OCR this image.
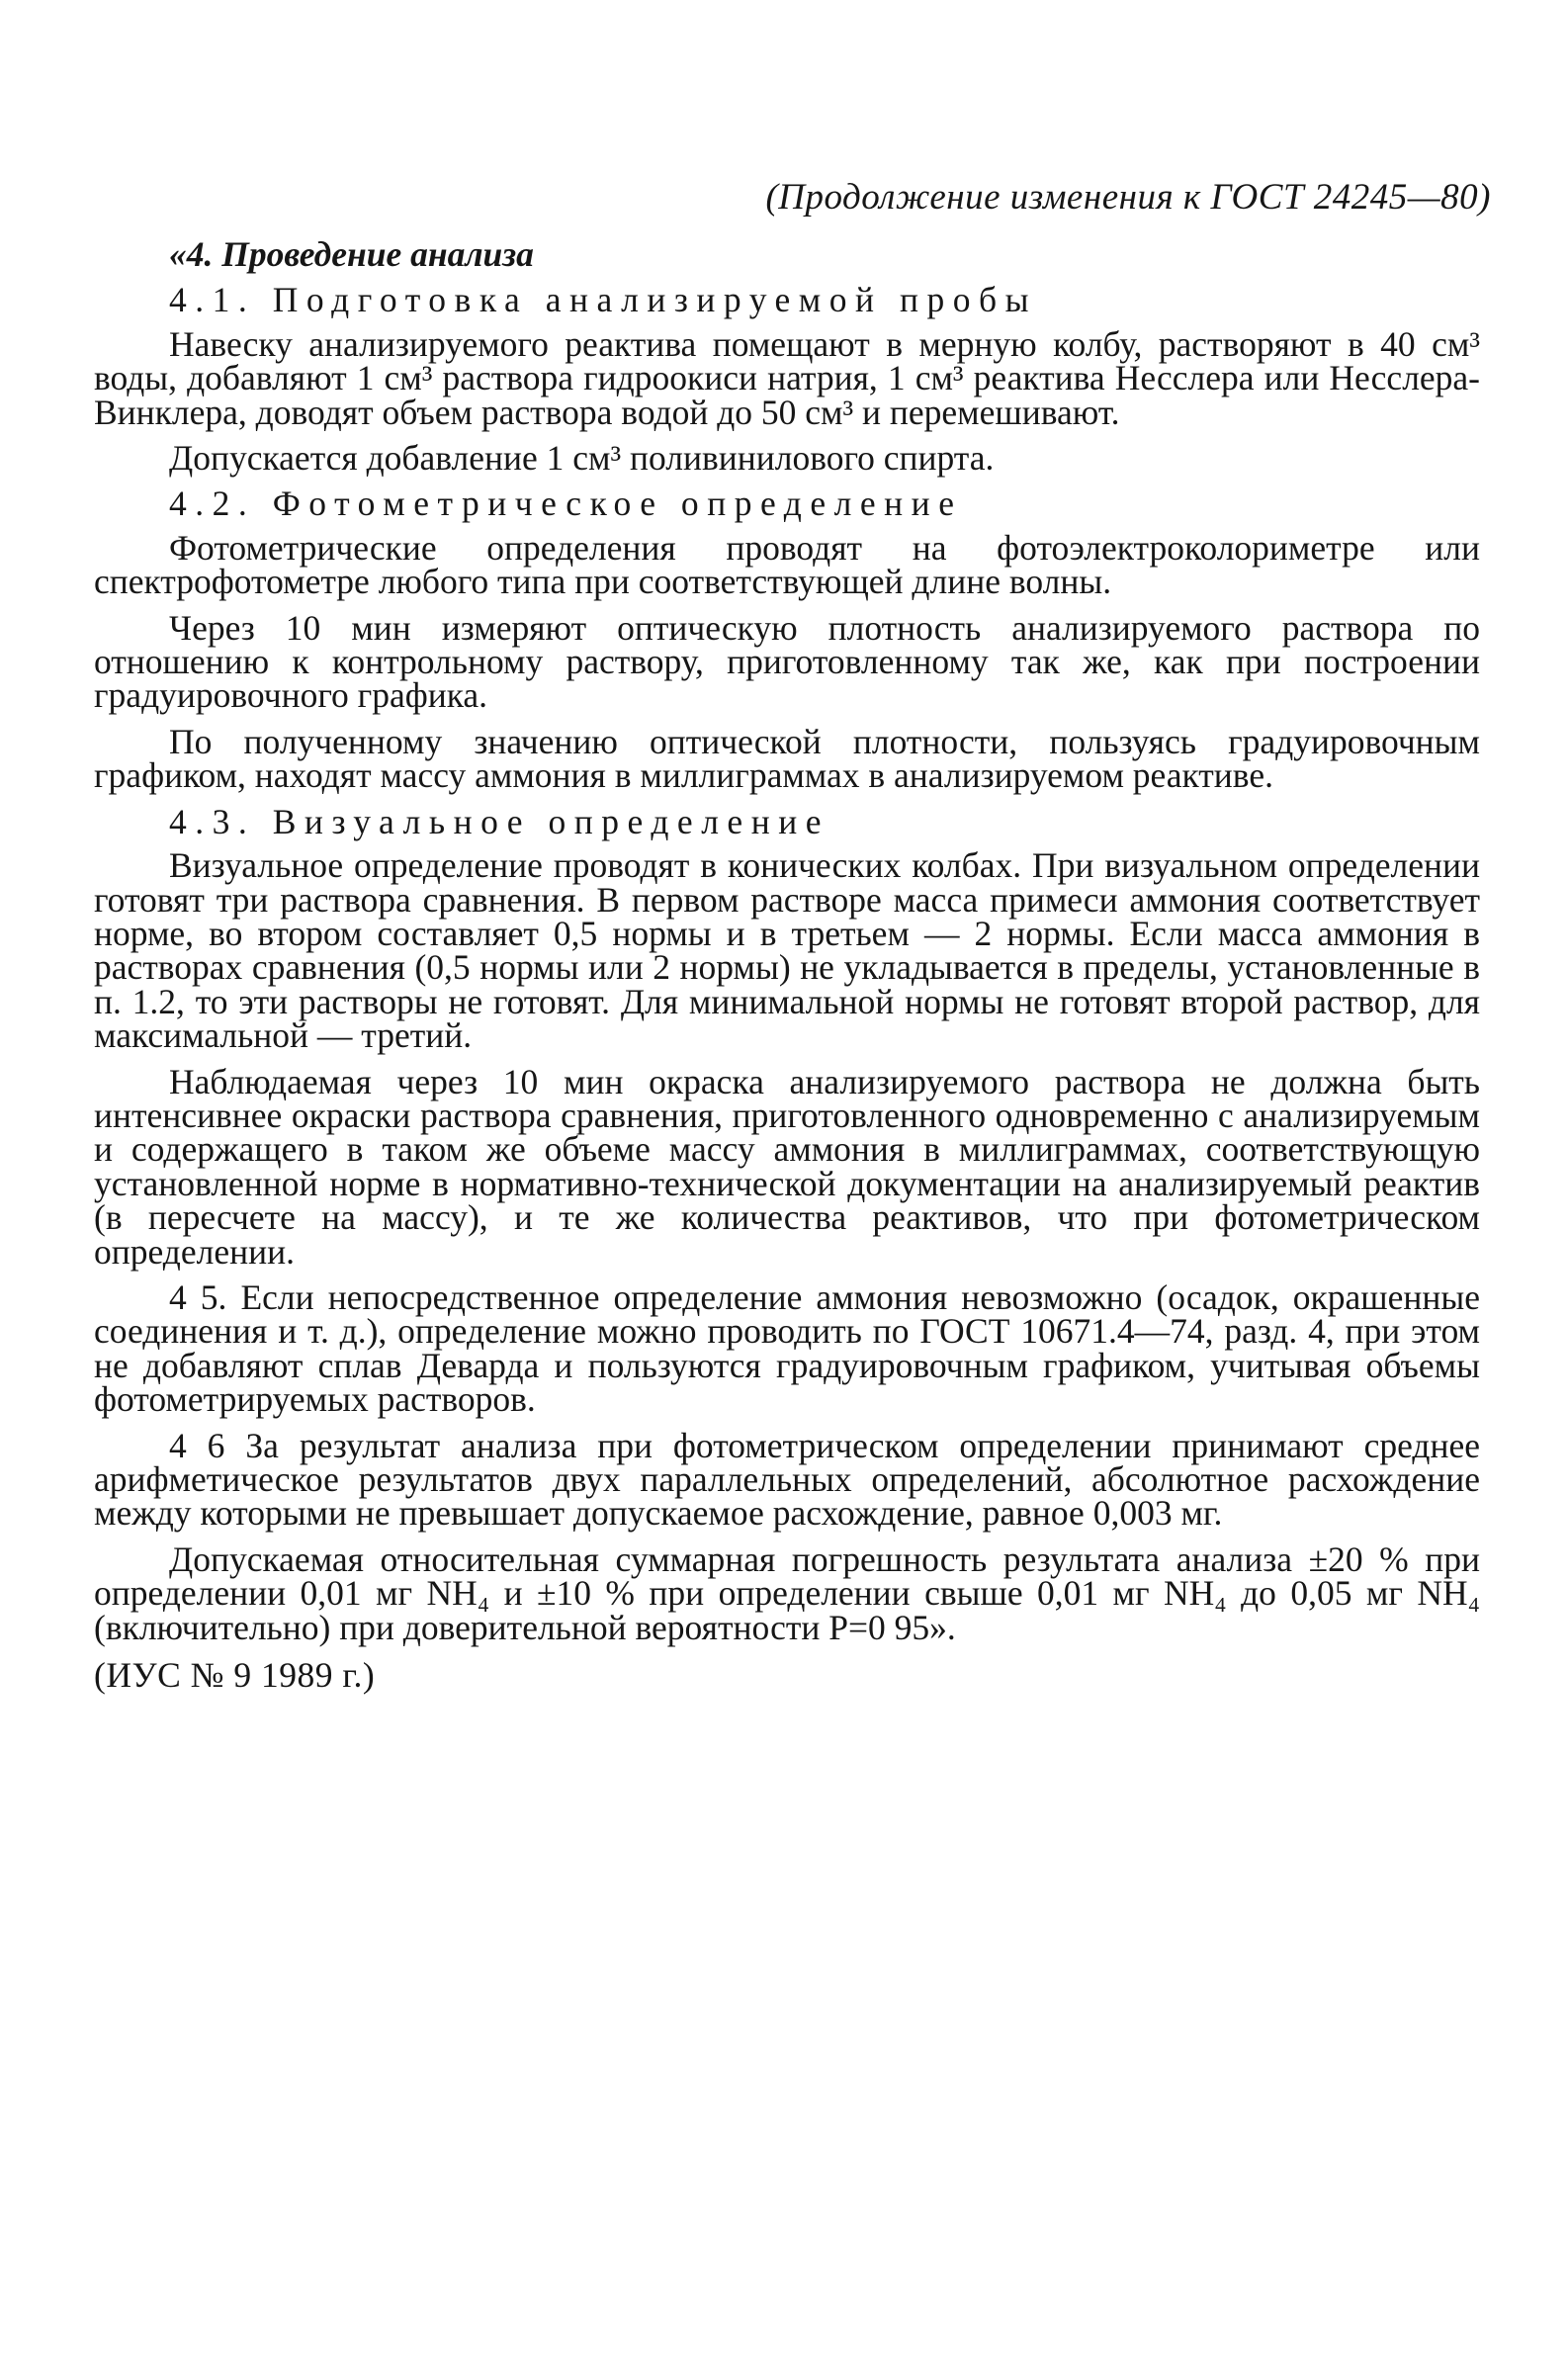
(Продолжение изменения к ГОСТ 24245—80)
«4. Проведение анализа
4.1. Подготовка анализируемой пробы

Навеску анализируемого реактива помещают в мерную колбу, растворяют в 40 см³ воды, добавляют 1 см³ раствора гидроокиси натрия, 1 см³ реактива Несслера или Несслера-Винклера, доводят объем раствора водой до 50 см³ и перемешивают.

Допускается добавление 1 см³ поливинилового спирта.

4.2. Фотометрическое определение

Фотометрические определения проводят на фотоэлектроколориметре или спектрофотометре любого типа при соответствующей длине волны.

Через 10 мин измеряют оптическую плотность анализируемого раствора по отношению к контрольному раствору, приготовленному так же, как при построении градуировочного графика.

По полученному значению оптической плотности, пользуясь градуировочным графиком, находят массу аммония в миллиграммах в анализируемом реактиве.

4.3. Визуальное определение

Визуальное определение проводят в конических колбах. При визуальном определении готовят три раствора сравнения. В первом растворе масса примеси аммония соответствует норме, во втором составляет 0,5 нормы и в третьем — 2 нормы. Если масса аммония в растворах сравнения (0,5 нормы или 2 нормы) не укладывается в пределы, установленные в п. 1.2, то эти растворы не готовят. Для минимальной нормы не готовят второй раствор, для максимальной — третий.

Наблюдаемая через 10 мин окраска анализируемого раствора не должна быть интенсивнее окраски раствора сравнения, приготовленного одновременно с анализируемым и содержащего в таком же объеме массу аммония в миллиграммах, соответствующую установленной норме в нормативно-технической документации на анализируемый реактив (в пересчете на массу), и те же количества реактивов, что при фотометрическом определении.

4 5. Если непосредственное определение аммония невозможно (осадок, окрашенные соединения и т. д.), определение можно проводить по ГОСТ 10671.4—74, разд. 4, при этом не добавляют сплав Деварда и пользуются градуировочным графиком, учитывая объемы фотометрируемых растворов.

4 6 За результат анализа при фотометрическом определении принимают среднее арифметическое результатов двух параллельных определений, абсолютное расхождение между которыми не превышает допускаемое расхождение, равное 0,003 мг.

Допускаемая относительная суммарная погрешность результата анализа ±20 % при определении 0,01 мг NH₄ и ±10 % при определении свыше 0,01 мг NH₄ до 0,05 мг NH₄ (включительно) при доверительной вероятности P=0 95».

(ИУС № 9 1989 г.)
